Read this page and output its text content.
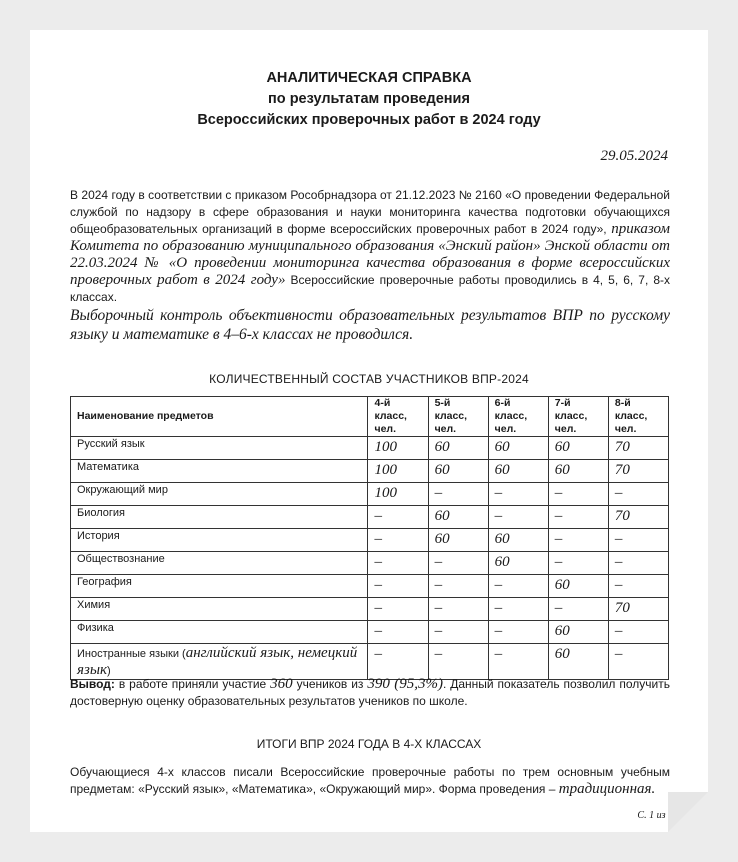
АНАЛИТИЧЕСКАЯ СПРАВКА
по результатам проведения
Всероссийских проверочных работ в 2024 году
29.05.2024
В 2024 году в соответствии с приказом Рособрнадзора от 21.12.2023 № 2160 «О проведении Федеральной службой по надзору в сфере образования и науки мониторинга качества подготовки обучающихся общеобразовательных организаций в форме всероссийских проверочных работ в 2024 году», приказом Комитета по образованию муниципального образования «Энский район» Энской области от 22.03.2024 № «О проведении мониторинга качества образования в форме всероссийских проверочных работ в 2024 году» Всероссийские проверочные работы проводились в 4, 5, 6, 7, 8-х классах.
Выборочный контроль объективности образовательных результатов ВПР по русскому языку и математике в 4–6-х классах не проводился.
КОЛИЧЕСТВЕННЫЙ СОСТАВ УЧАСТНИКОВ ВПР-2024
Наименование предметов	4-й класс, чел.	5-й класс, чел.	6-й класс, чел.	7-й класс, чел.	8-й класс, чел.
Русский язык	100	60	60	60	70
Математика	100	60	60	60	70
Окружающий мир	100	–	–	–	–
Биология	–	60	–	–	70
История	–	60	60	–	–
Обществознание	–	–	60	–	–
География	–	–	–	60	–
Химия	–	–	–	–	70
Физика	–	–	–	60	–
Иностранные языки (английский язык, немецкий язык)	–	–	–	60	–
Вывод: в работе приняли участие 360 учеников из 390 (95,3%). Данный показатель позволил получить достоверную оценку образовательных результатов учеников по школе.
ИТОГИ ВПР 2024 ГОДА В 4-Х КЛАССАХ
Обучающиеся 4-х классов писали Всероссийские проверочные работы по трем основным учебным предметам: «Русский язык», «Математика», «Окружающий мир». Форма проведения – традиционная.
С. 1 из 10
